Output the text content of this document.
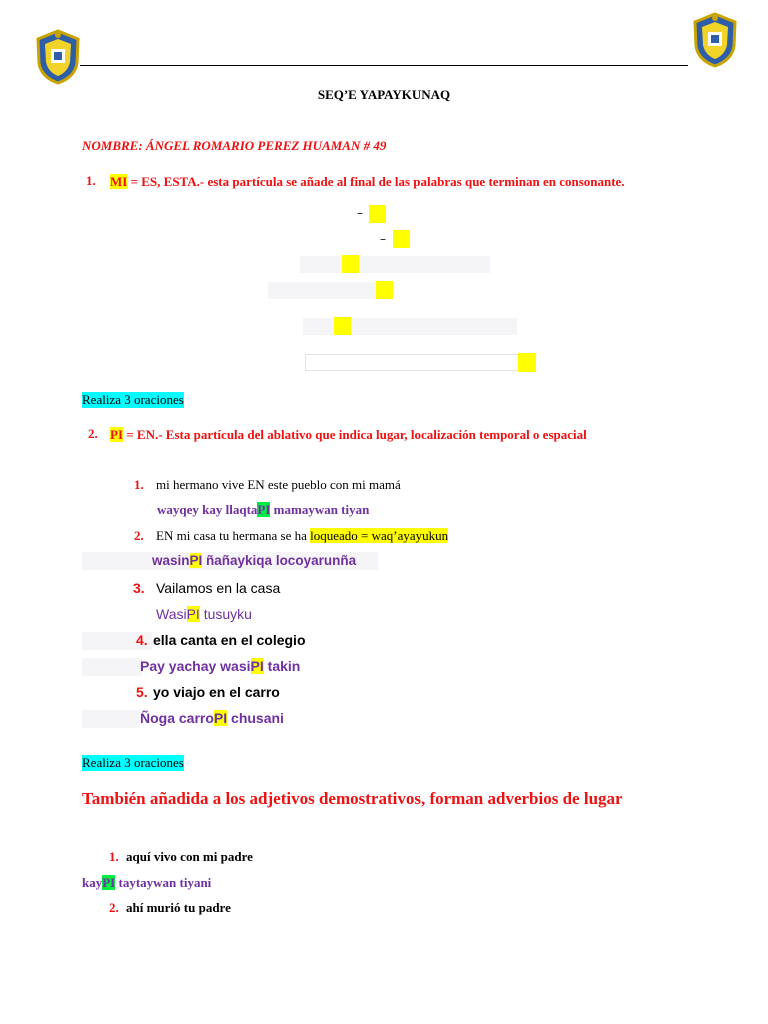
SEQ’E YAPAYKUNAQ
NOMBRE: ÁNGEL ROMARIO PEREZ HUAMAN # 49
1. MI = ES, ESTA.- esta partícula se añade al final de las palabras que terminan en consonante.
–
–
Realiza 3 oraciones
2. PI = EN.- Esta partícula del ablativo que indica lugar, localización temporal o espacial
1. mi hermano vive EN este pueblo con mi mamá
wayqey kay llaqtaPI mamaywan tiyan
2. EN mi casa tu hermana se ha loqueado = waq’ayayukun
wasinPI ñañaykiqa locoyarunña
3. Vailamos en la casa
WasiPI tusuyku
4. ella canta en el colegio
Pay yachay wasiPI takin
5. yo viajo en el carro
Ñoga carroPI chusani
Realiza 3 oraciones
También añadida a los adjetivos demostrativos, forman adverbios de lugar
1. aquí vivo con mi padre
kayPI taytaywan tiyani
2. ahí murió tu padre
